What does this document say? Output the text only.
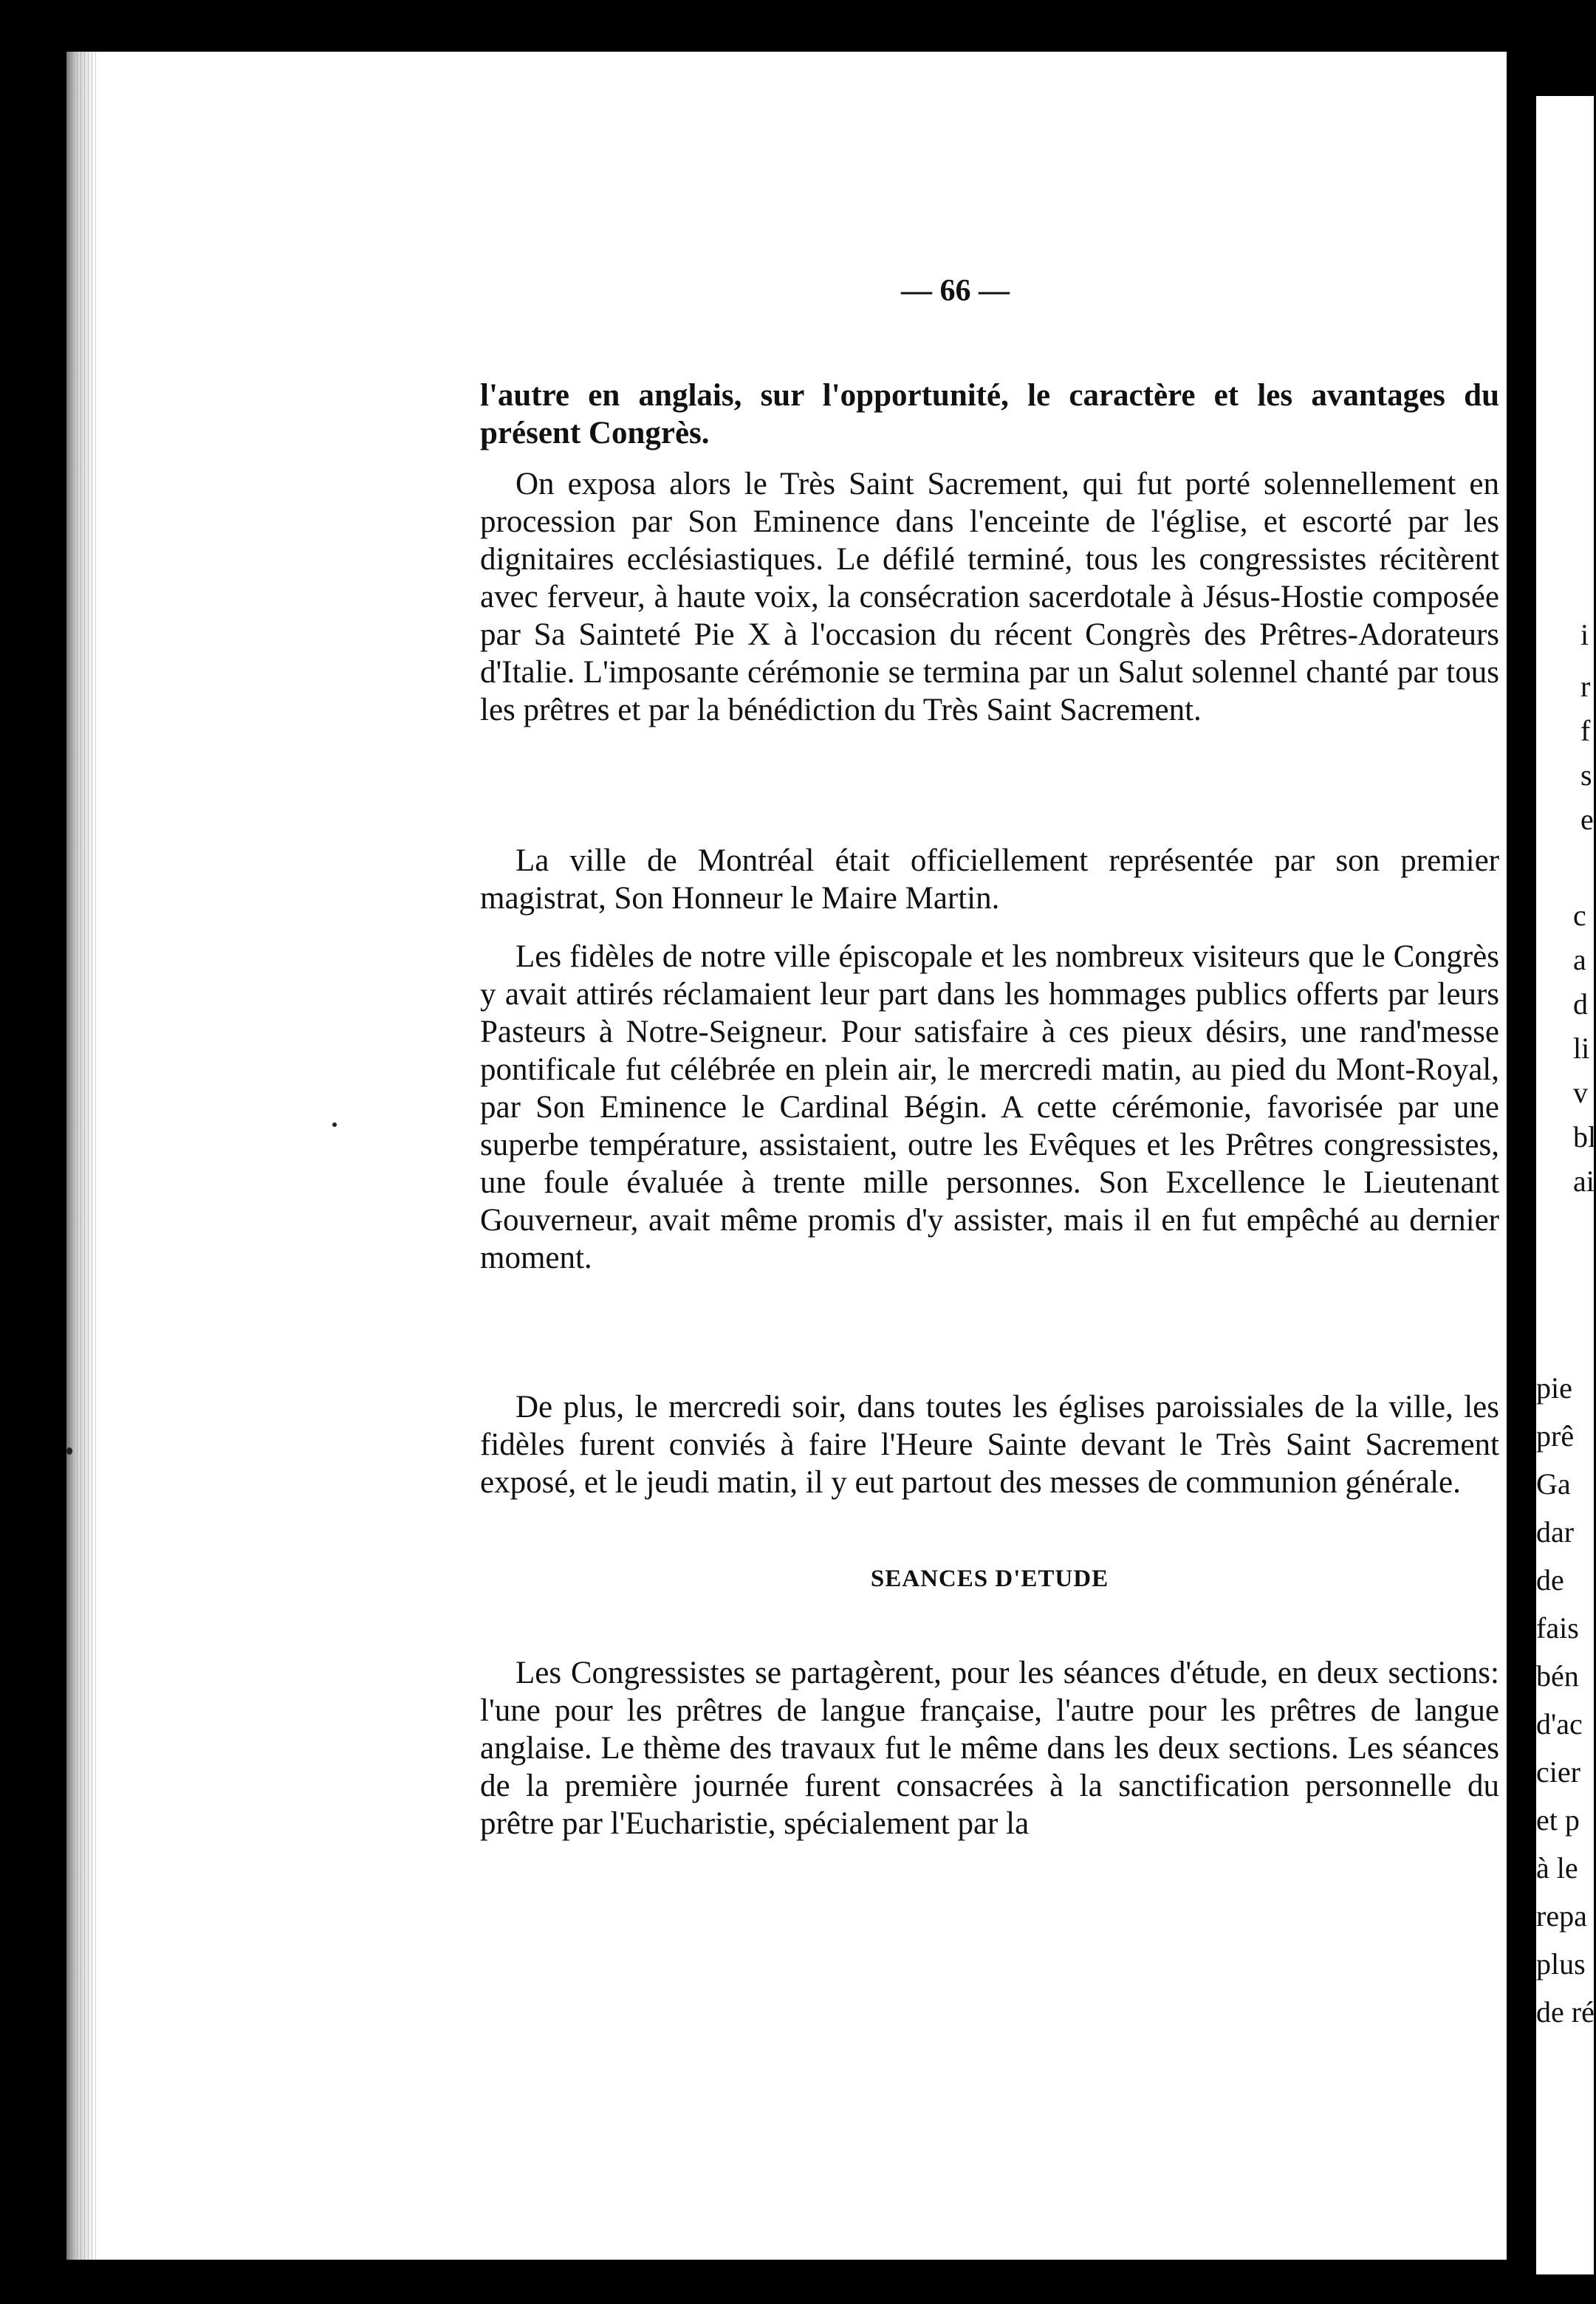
— 66 —

l'autre en anglais, sur l'opportunité, le caractère et les avantages du présent Congrès.

On exposa alors le Très Saint Sacrement, qui fut porté solennellement en procession par Son Eminence dans l'enceinte de l'église, et escorté par les dignitaires ecclésiastiques. Le défilé terminé, tous les congressistes récitèrent avec ferveur, à haute voix, la consécration sacerdotale à Jésus-Hostie composée par Sa Sainteté Pie X à l'occasion du récent Congrès des Prêtres-Adorateurs d'Italie. L'imposante cérémonie se termina par un Salut solennel chanté par tous les prêtres et par la bénédiction du Très Saint Sacrement.

La ville de Montréal était officiellement représentée par son premier magistrat, Son Honneur le Maire Martin.

Les fidèles de notre ville épiscopale et les nombreux visiteurs que le Congrès y avait attirés réclamaient leur part dans les hommages publics offerts par leurs Pasteurs à Notre-Seigneur. Pour satisfaire à ces pieux désirs, une rand'messe pontificale fut célébrée en plein air, le mercredi matin, au pied du Mont-Royal, par Son Eminence le Cardinal Bégin. A cette cérémonie, favorisée par une superbe température, assistaient, outre les Evêques et les Prêtres congressistes, une foule évaluée à trente mille personnes. Son Excellence le Lieutenant Gouverneur, avait même promis d'y assister, mais il en fut empêché au dernier moment.

De plus, le mercredi soir, dans toutes les églises paroissiales de la ville, les fidèles furent conviés à faire l'Heure Sainte devant le Très Saint Sacrement exposé, et le jeudi matin, il y eut partout des messes de communion générale.

SEANCES D'ETUDE

Les Congressistes se partagèrent, pour les séances d'étude, en deux sections: l'une pour les prêtres de langue française, l'autre pour les prêtres de langue anglaise. Le thème des travaux fut le même dans les deux sections. Les séances de la première journée furent consacrées à la sanctification personnelle du prêtre par l'Eucharistie, spécialement par la

i
r
f
s
e
c
a
d
li
v
bl
ai
pie
prê
Ga
dar
de
fais
bén
d'ac
cier
et p
à le
repa
plus
de ré
